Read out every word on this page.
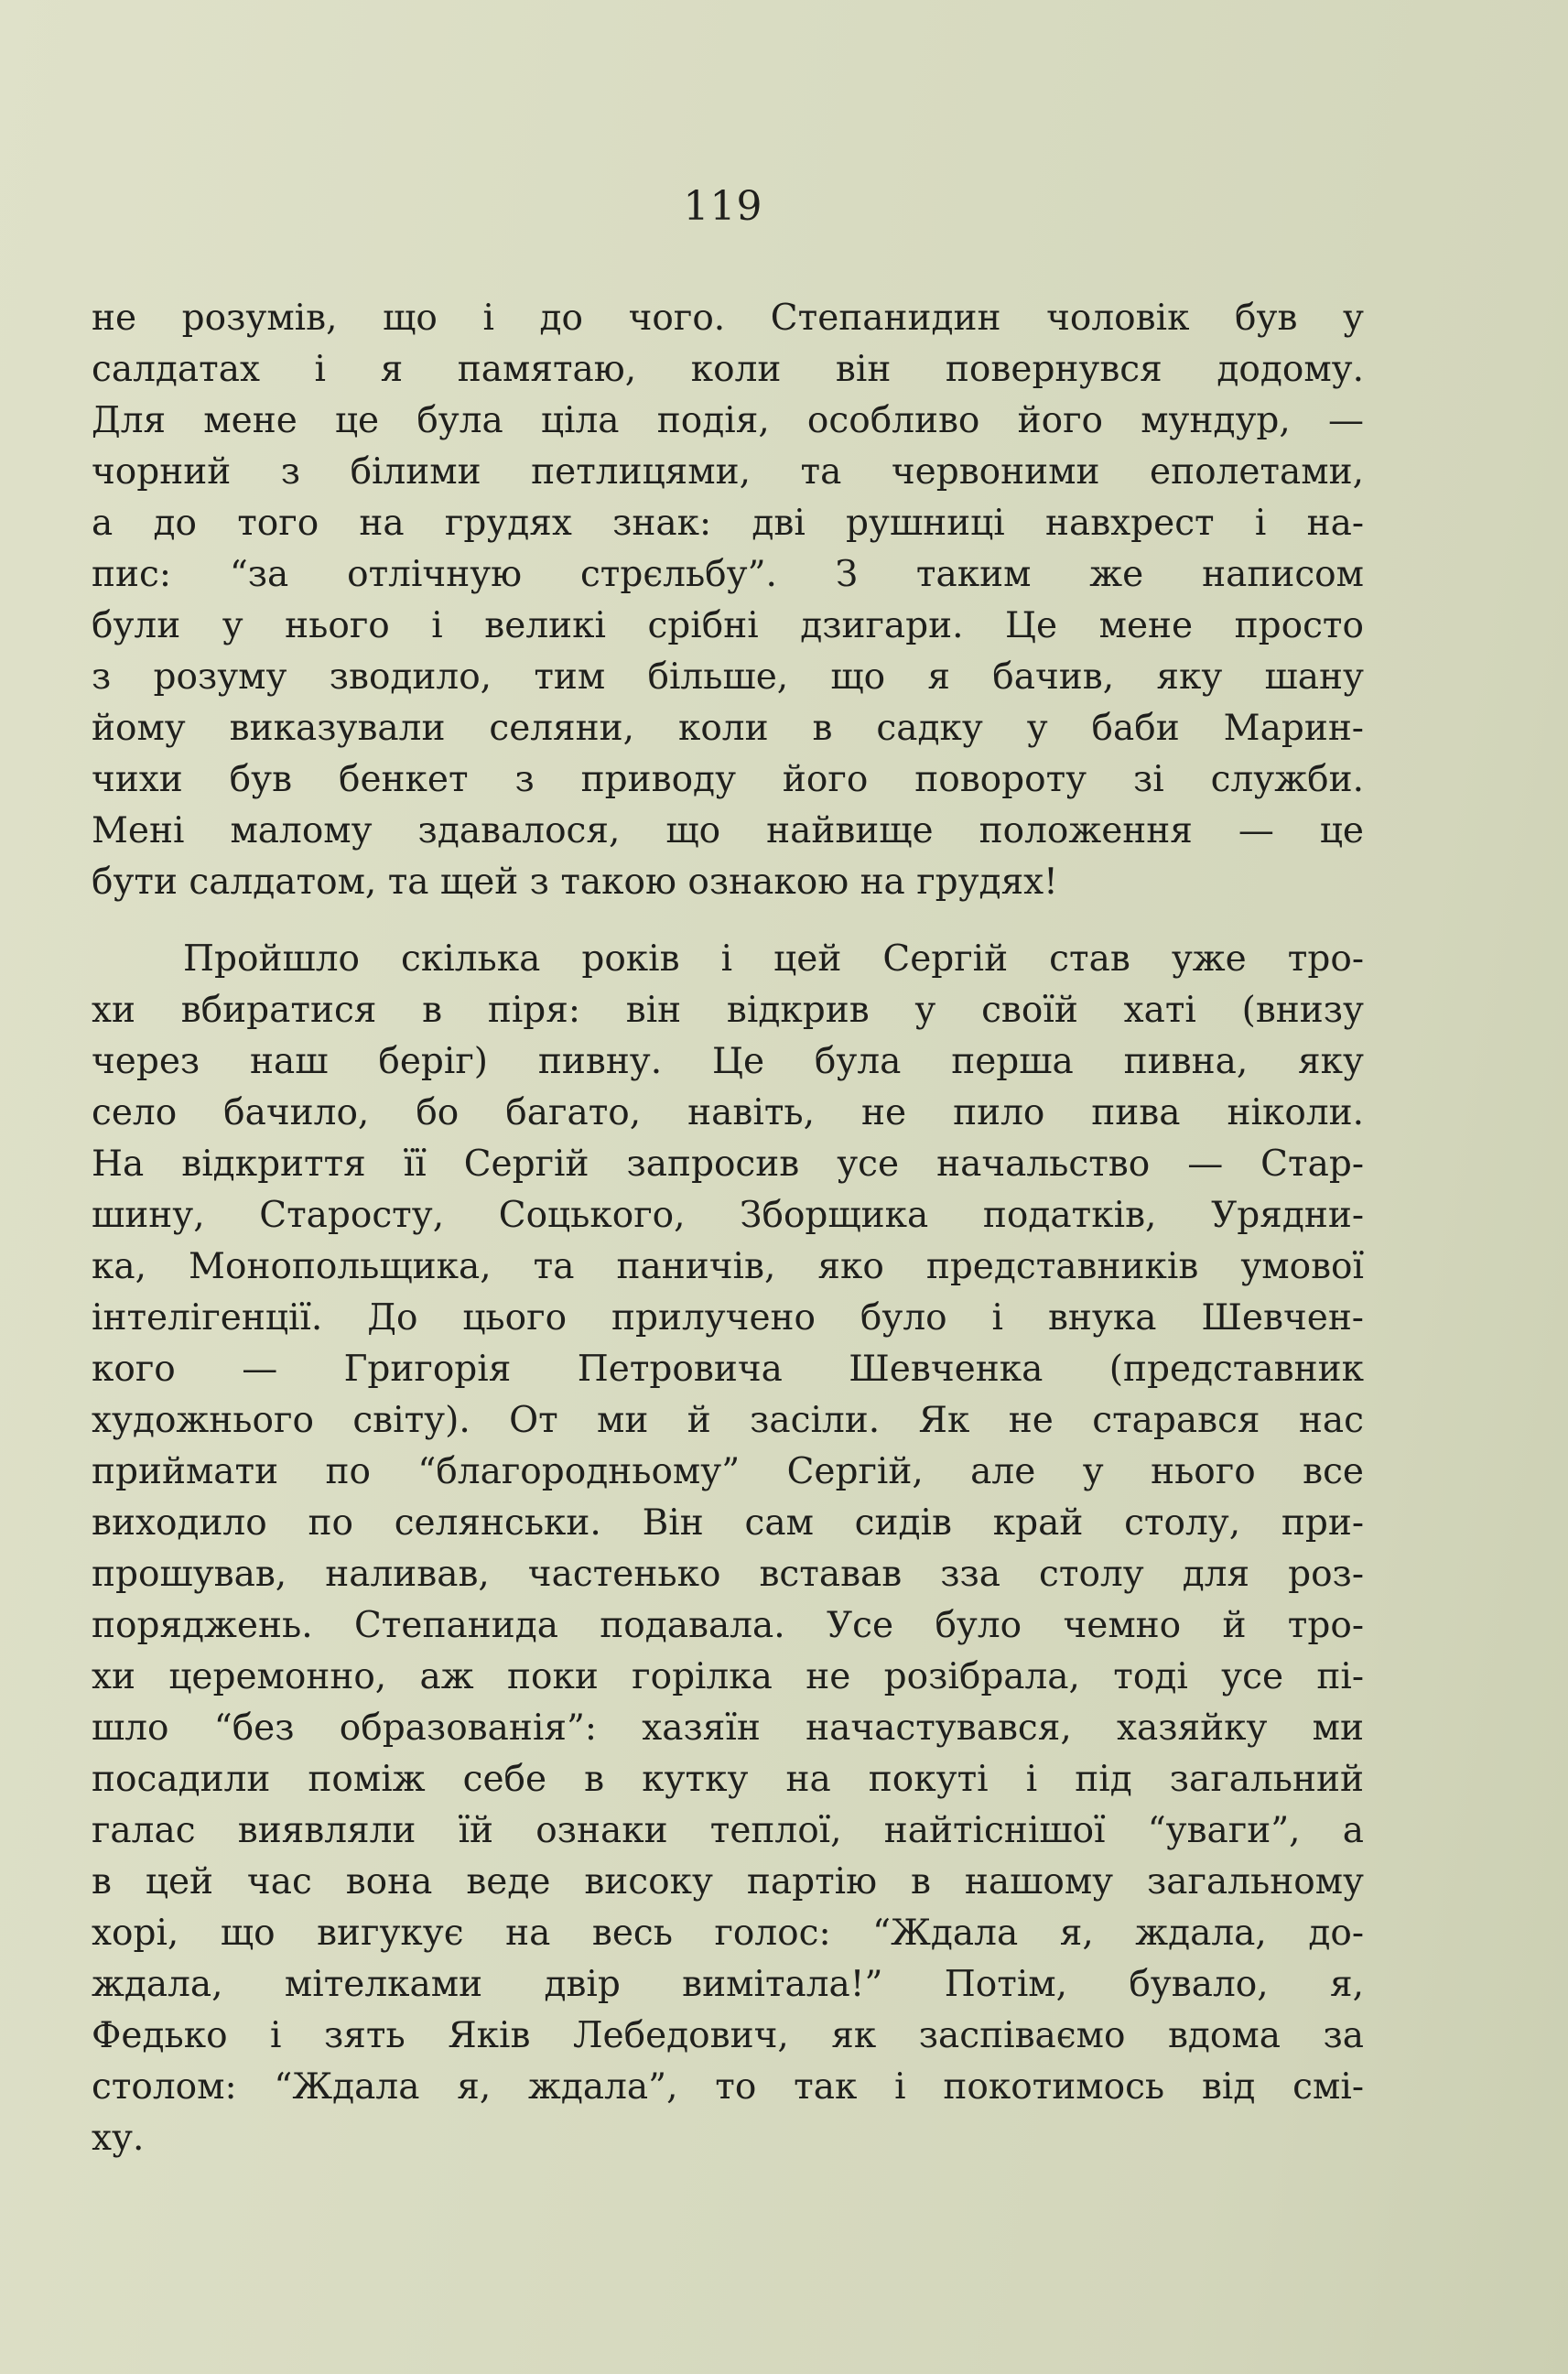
119
не розумів, що і до чого. Степанидин чоловік був у
салдатах і я памятаю, коли він повернувся додому.
Для мене це була ціла подія, особливо його мундур, —
чорний з білими петлицями, та червоними еполетами,
а до того на грудях знак: дві рушниці навхрест і на-
пис: “за отлічную стрєльбу”. З таким же написом
були у нього і великі срібні дзигари. Це мене просто
з розуму зводило, тим більше, що я бачив, яку шану
йому виказували селяни, коли в садку у баби Марин-
чихи був бенкет з приводу його повороту зі служби.
Мені малому здавалося, що найвище положення — це
бути салдатом, та щей з такою ознакою на грудях!
Пройшло скілька років і цей Сергій став уже тро-
хи вбиратися в піря: він відкрив у своїй хаті (внизу
через наш беріг) пивну. Це була перша пивна, яку
село бачило, бо багато, навіть, не пило пива ніколи.
На відкриття її Сергій запросив усе начальство — Стар-
шину, Старосту, Соцького, Зборщика податків, Урядни-
ка, Монопольщика, та паничів, яко представників умової
інтелігенції. До цього прилучено було і внука Шевчен-
кого — Григорія Петровича Шевченка (представник
художнього світу). От ми й засіли. Як не старався нас
приймати по “благородньому” Сергій, але у нього все
виходило по селянськи. Він сам сидів край столу, при-
прошував, наливав, частенько вставав зза столу для роз-
поряджень. Степанида подавала. Усе було чемно й тро-
хи церемонно, аж поки горілка не розібрала, тоді усе пі-
шло “без образованія”: хазяїн начастувався, хазяйку ми
посадили поміж себе в кутку на покуті і під загальний
галас виявляли їй ознаки теплої, найтіснішої “уваги”, а
в цей час вона веде високу партію в нашому загальному
хорі, що вигукує на весь голос: “Ждала я, ждала, до-
ждала, мітелками двір вимітала!” Потім, бувало, я,
Федько і зять Яків Лебедович, як заспіваємо вдома за
столом: “Ждала я, ждала”, то так і покотимось від смі-
ху.
